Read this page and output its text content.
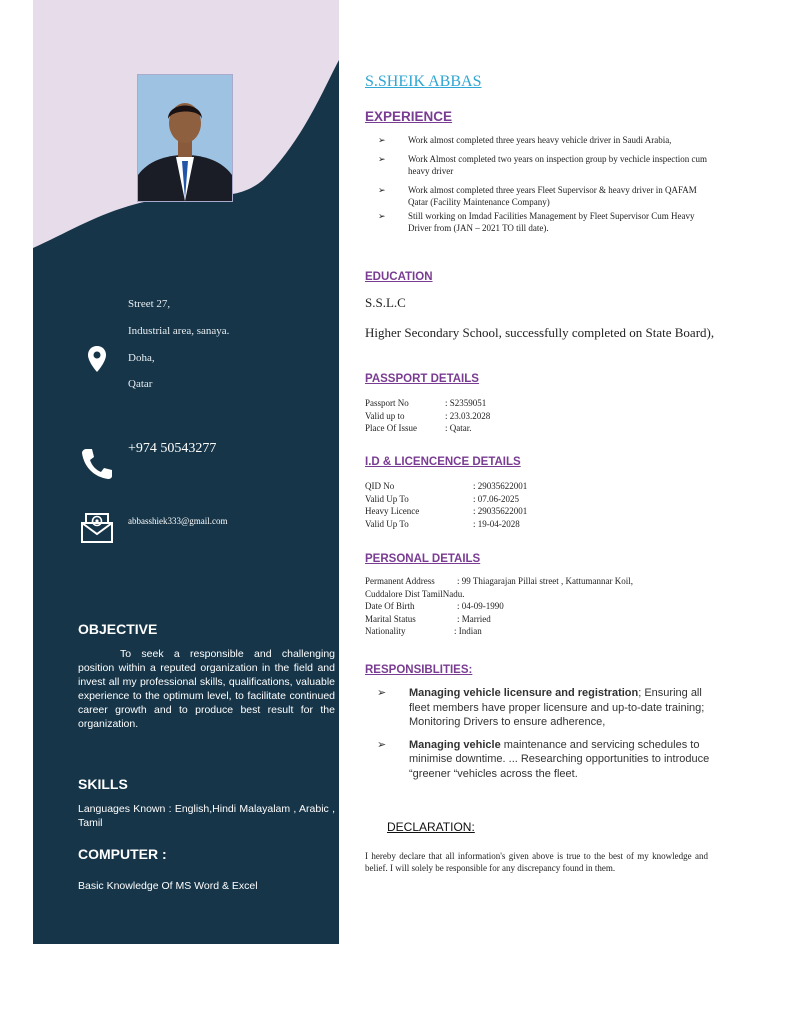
Street 27,
Industrial area, sanaya.
Doha,
Qatar
+974 50543277
abbasshiek333@gmail.com
OBJECTIVE
To seek a responsible and challenging position within a reputed organization in the field and invest all my professional skills, qualifications, valuable experience to the optimum level, to facilitate continued career growth and to produce best result for the organization.
SKILLS
Languages Known : English,Hindi Malayalam , Arabic , Tamil
COMPUTER :
Basic Knowledge Of MS Word & Excel
S.SHEIK ABBAS
EXPERIENCE
➢ Work almost completed three years heavy vehicle driver in Saudi Arabia,
➢ Work Almost completed two years on inspection group by vechicle inspection cum heavy driver
➢ Work almost completed three years Fleet Supervisor & heavy driver in QAFAM Qatar (Facility Maintenance Company)
➢ Still working on Imdad Facilities Management by Fleet Supervisor Cum Heavy Driver from (JAN – 2021 TO till date).
EDUCATION
S.S.L.C
Higher Secondary School, successfully completed on State Board),
PASSPORT DETAILS
Passport No	: S2359051
Valid up to	: 23.03.2028
Place Of Issue	: Qatar.
I.D & LICENCENCE DETAILS
QID No	: 29035622001
Valid Up To	: 07.06-2025
Heavy Licence	: 29035622001
Valid Up To	: 19-04-2028
PERSONAL DETAILS
Permanent Address	: 99 Thiagarajan Pillai street , Kattumannar Koil,
Cuddalore Dist TamilNadu.
Date Of Birth	: 04-09-1990
Marital Status	: Married
Nationality	: Indian
RESPONSIBLITIES:
➢ Managing vehicle licensure and registration; Ensuring all fleet members have proper licensure and up-to-date training; Monitoring Drivers to ensure adherence,
➢ Managing vehicle maintenance and servicing schedules to minimise downtime. ... Researching opportunities to introduce “greener “vehicles across the fleet.
DECLARATION:
I hereby declare that all information's given above is true to the best of my knowledge and belief. I will solely be responsible for any discrepancy found in them.
